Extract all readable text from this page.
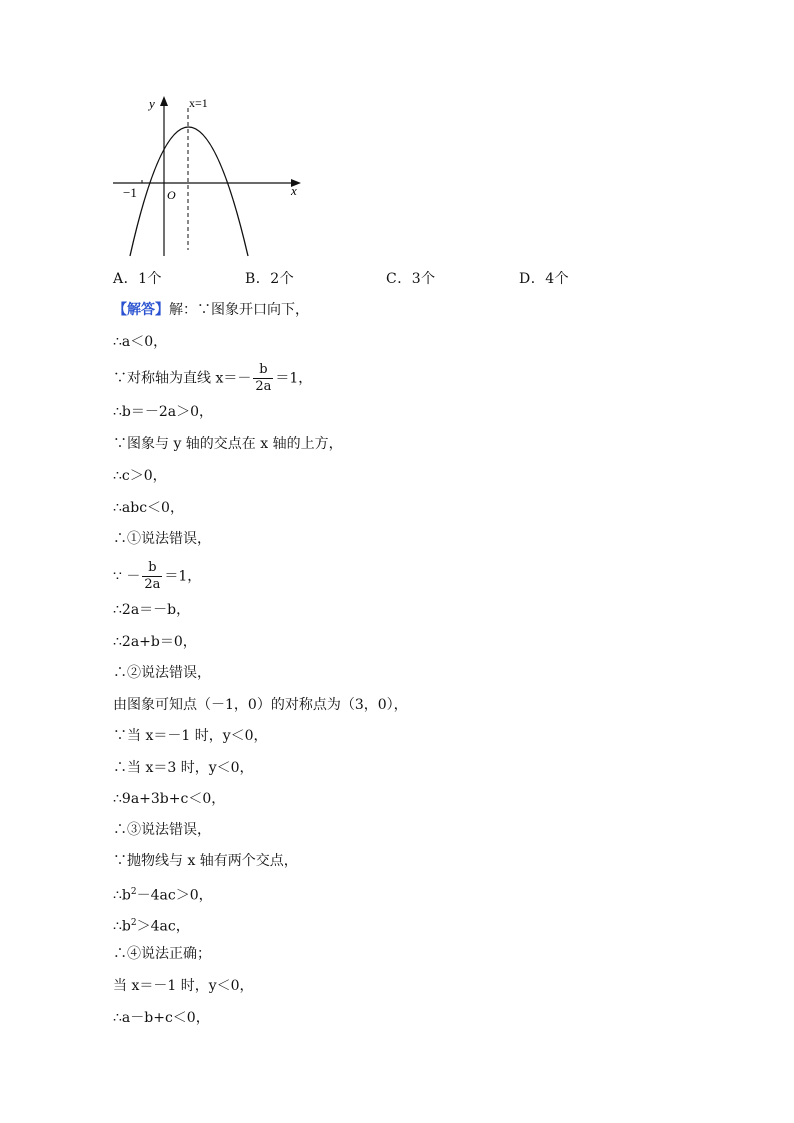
y
x
x=1
−1	O
A．1个	B．2个	C．3个	D．4个
【解答】解：∵图象开口向下，
∴a＜0，
∵对称轴为直线 $x=- \frac{b}{2a} =1$，
∴b＝－2a＞0，
∵图象与 y 轴的交点在 x 轴的上方，
∴c＞0，
∴abc＜0，
∴①说法错误，
∵ － $\frac{b}{2a} =1$，
∴2a＝－b，
∴2a+b＝0，
∴②说法错误，
由图象可知点（－1，0）的对称点为（3，0），
∵当 x＝－1 时，y＜0，
∴当 x＝3 时，y＜0，
∴9a+3b+c＜0，
∴③说法错误，
∵抛物线与 x 轴有两个交点，
$\therefore b^2-4ac>0$，
$\therefore b^2>4ac$，
∴④说法正确；
当 x＝－1 时，y＜0，
∴a－b+c＜0，
